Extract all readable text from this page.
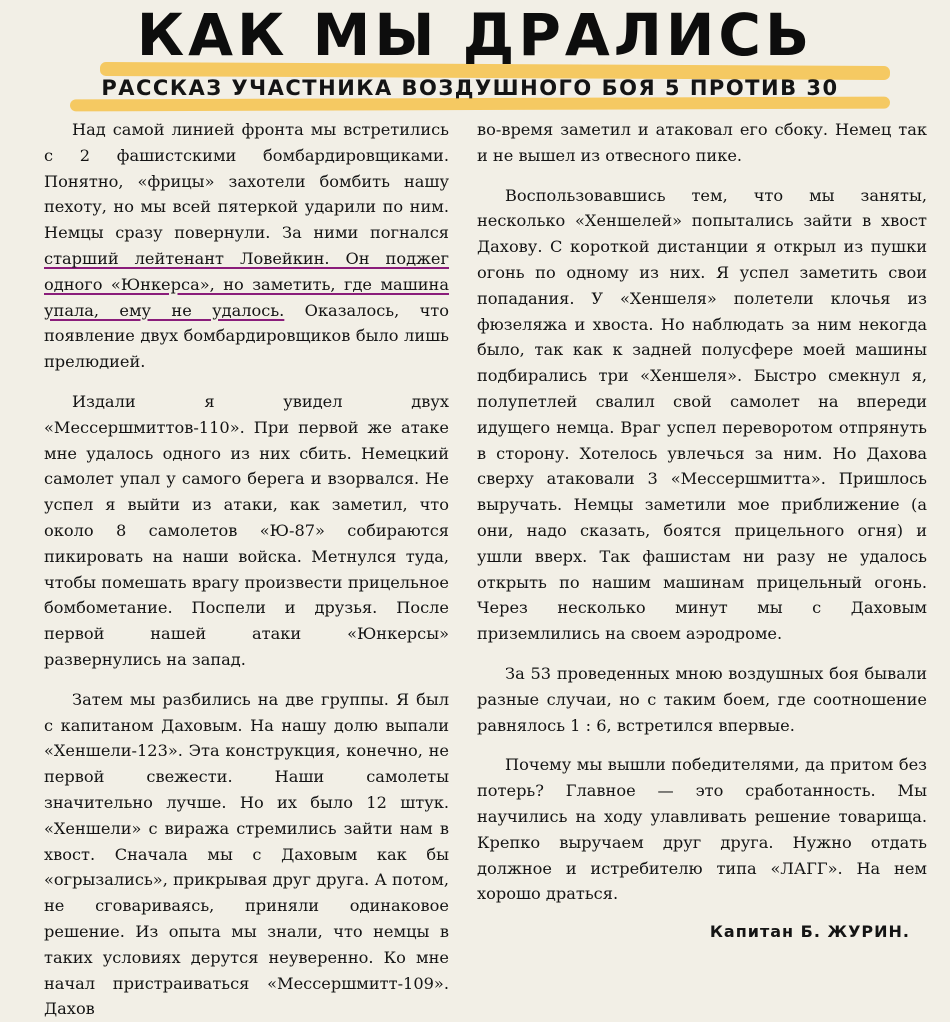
КАК МЫ ДРАЛИСЬ
РАССКАЗ УЧАСТНИКА ВОЗДУШНОГО БОЯ 5 ПРОТИВ 30

Над самой линией фронта мы встретились с 2 фашистскими бомбардировщиками. Понятно, «фрицы» захотели бомбить нашу пехоту, но мы всей пятеркой ударили по ним. Немцы сразу повернули. За ними погнался старший лейтенант Ловейкин. Он поджег одного «Юнкерса», но заметить, где машина упала, ему не удалось. Оказалось, что появление двух бомбардировщиков было лишь прелюдией.

Издали я увидел двух «Мессершмиттов-110». При первой же атаке мне удалось одного из них сбить. Немецкий самолет упал у самого берега и взорвался. Не успел я выйти из атаки, как заметил, что около 8 самолетов «Ю-87» собираются пикировать на наши войска. Метнулся туда, чтобы помешать врагу произвести прицельное бомбометание. Поспели и друзья. После первой нашей атаки «Юнкерсы» развернулись на запад.

Затем мы разбились на две группы. Я был с капитаном Даховым. На нашу долю выпали «Хеншели-123». Эта конструкция, конечно, не первой свежести. Наши самолеты значительно лучше. Но их было 12 штук. «Хеншели» с виража стремились зайти нам в хвост. Сначала мы с Даховым как бы «огрызались», прикрывая друг друга. А потом, не сговариваясь, приняли одинаковое решение. Из опыта мы знали, что немцы в таких условиях дерутся неуверенно. Ко мне начал пристраиваться «Мессершмитт-109». Дахов

во-время заметил и атаковал его сбоку. Немец так и не вышел из отвесного пике.

Воспользовавшись тем, что мы заняты, несколько «Хеншелей» попытались зайти в хвост Дахову. С короткой дистанции я открыл из пушки огонь по одному из них. Я успел заметить свои попадания. У «Хеншеля» полетели клочья из фюзеляжа и хвоста. Но наблюдать за ним некогда было, так как к задней полусфере моей машины подбирались три «Хеншеля». Быстро смекнул я, полупетлей свалил свой самолет на впереди идущего немца. Враг успел переворотом отпрянуть в сторону. Хотелось увлечься за ним. Но Дахова сверху атаковали 3 «Мессершмитта». Пришлось выручать. Немцы заметили мое приближение (а они, надо сказать, боятся прицельного огня) и ушли вверх. Так фашистам ни разу не удалось открыть по нашим машинам прицельный огонь. Через несколько минут мы с Даховым приземлились на своем аэродроме.

За 53 проведенных мною воздушных боя бывали разные случаи, но с таким боем, где соотношение равнялось 1 : 6, встретился впервые.

Почему мы вышли победителями, да притом без потерь? Главное — это сработанность. Мы научились на ходу улавливать решение товарища. Крепко выручаем друг друга. Нужно отдать должное и истребителю типа «ЛАГГ». На нем хорошо драться.

Капитан Б. ЖУРИН.
